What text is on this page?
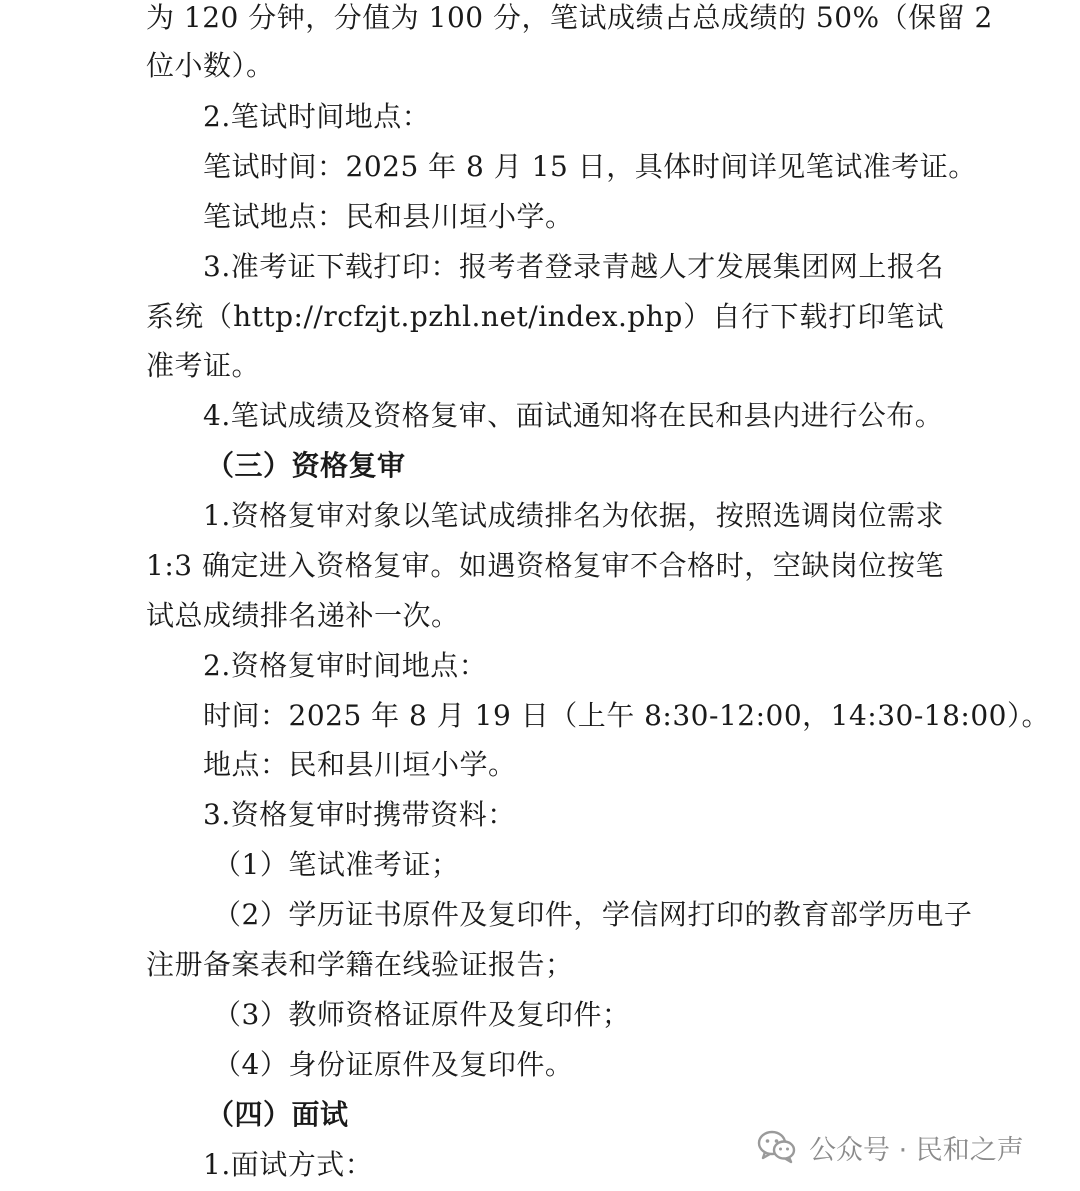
为 120 分钟，分值为 100 分，笔试成绩占总成绩的 50%（保留 2
位小数）。
2.笔试时间地点：
笔试时间：2025 年 8 月 15 日，具体时间详见笔试准考证。
笔试地点：民和县川垣小学。
3.准考证下载打印：报考者登录青越人才发展集团网上报名
系统（http://rcfzjt.pzhl.net/index.php）自行下载打印笔试
准考证。
4.笔试成绩及资格复审、面试通知将在民和县内进行公布。
（三）资格复审
1.资格复审对象以笔试成绩排名为依据，按照选调岗位需求
1:3 确定进入资格复审。如遇资格复审不合格时，空缺岗位按笔
试总成绩排名递补一次。
2.资格复审时间地点：
时间：2025 年 8 月 19 日（上午 8:30-12:00，14:30-18:00）。
地点：民和县川垣小学。
3.资格复审时携带资料：
（1）笔试准考证；
（2）学历证书原件及复印件，学信网打印的教育部学历电子
注册备案表和学籍在线验证报告；
（3）教师资格证原件及复印件；
（4）身份证原件及复印件。
（四）面试
1.面试方式：	公众号 · 民和之声
